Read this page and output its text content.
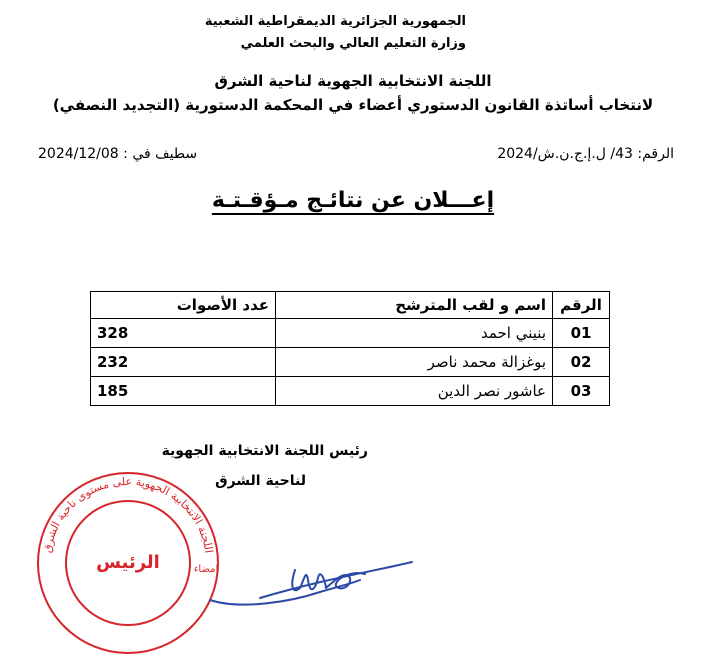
الجمهورية الجزائرية الديمقراطية الشعبية
وزارة التعليم العالي والبحث العلمي
اللجنة الانتخابية الجهوية لناحية الشرق
لانتخاب أساتذة القانون الدستوري أعضاء في المحكمة الدستورية (التجديد النصفي)
الرقم: 43/ ل.إ.ج.ن.ش/2024
سطيف في : 2024/12/08
إعـــلان عن نتائـج مـؤقـتـة
الرقم	اسم و لقب المترشح	عدد الأصوات
01	بنيني احمد	328
02	بوغزالة محمد ناصر	232
03	عاشور نصر الدين	185
رئيس اللجنة الانتخابية الجهوية
لناحية الشرق
اللجنة الانتخابية الجهوية على مستوى ناحية الشرق
الرئيس	امضاء
